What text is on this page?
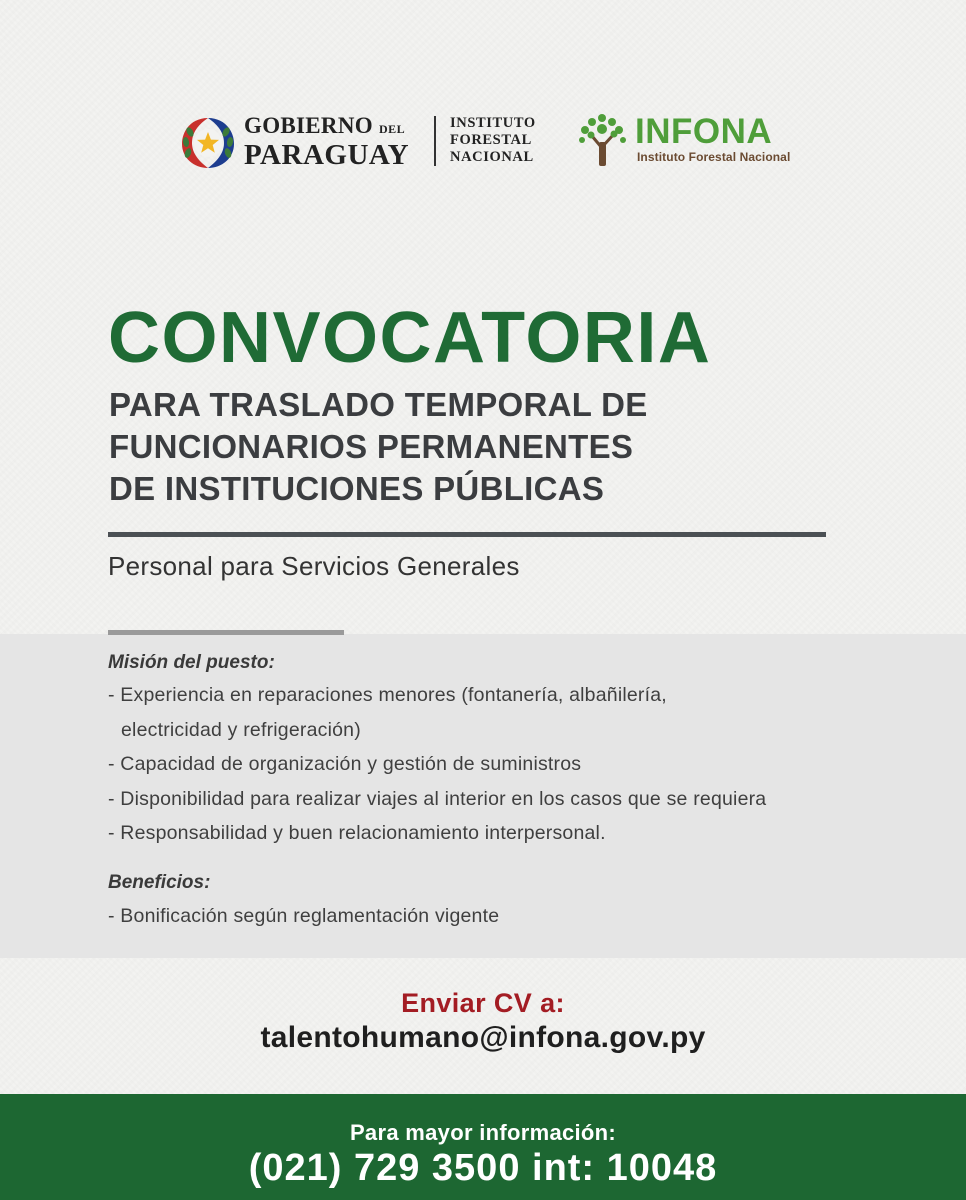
GOBIERNO DEL
PARAGUAY
INSTITUTO
FORESTAL
NACIONAL
INFONA
Instituto Forestal Nacional
CONVOCATORIA
PARA TRASLADO TEMPORAL DE
FUNCIONARIOS PERMANENTES
DE INSTITUCIONES PÚBLICAS
Personal para Servicios Generales
Misión del puesto:
- Experiencia en reparaciones menores (fontanería, albañilería,
electricidad y refrigeración)
- Capacidad de organización y gestión de suministros
- Disponibilidad para realizar viajes al interior en los casos que se requiera
- Responsabilidad y buen relacionamiento interpersonal.
Beneficios:
- Bonificación según reglamentación vigente
Enviar CV a:
talentohumano@infona.gov.py
Para mayor información:
(021) 729 3500 int: 10048
